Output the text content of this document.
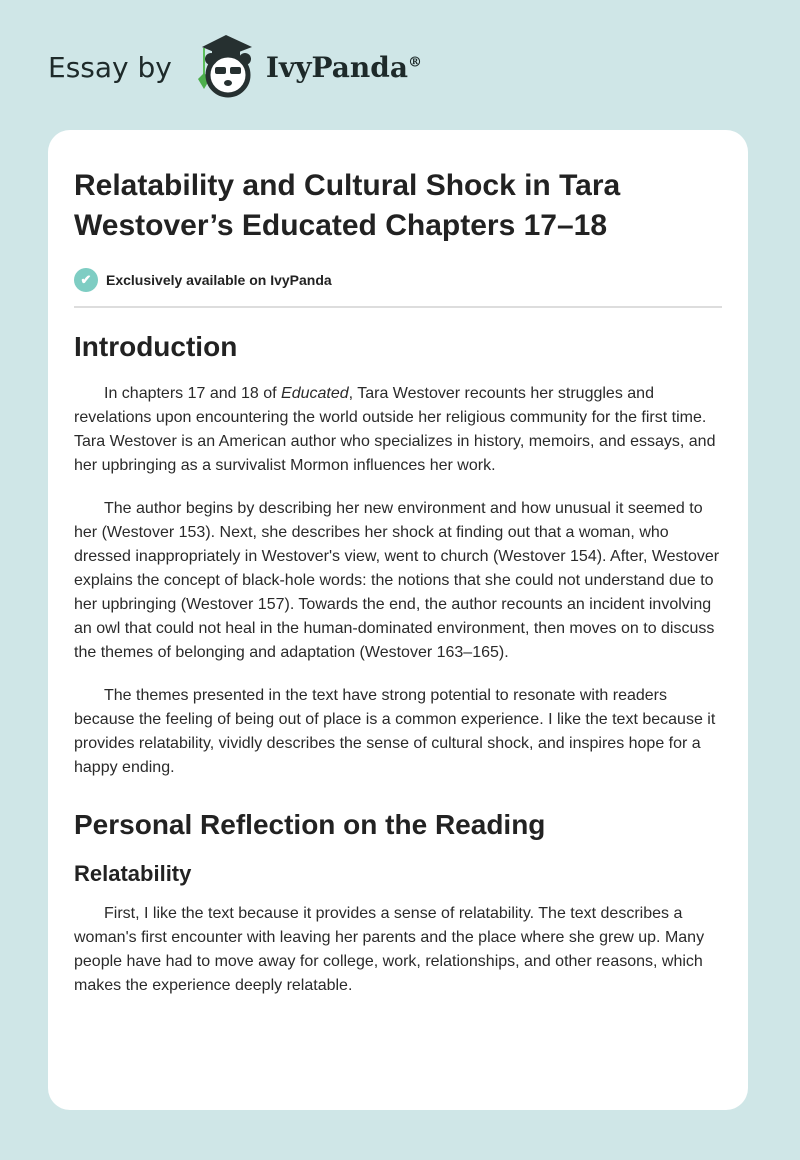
Essay by	IvyPanda®
Relatability and Cultural Shock in Tara Westover’s Educated Chapters 17–18
✔	Exclusively available on IvyPanda
Introduction

In chapters 17 and 18 of Educated, Tara Westover recounts her struggles and revelations upon encountering the world outside her religious community for the first time. Tara Westover is an American author who specializes in history, memoirs, and essays, and her upbringing as a survivalist Mormon influences her work.

The author begins by describing her new environment and how unusual it seemed to her (Westover 153). Next, she describes her shock at finding out that a woman, who dressed inappropriately in Westover's view, went to church (Westover 154). After, Westover explains the concept of black-hole words: the notions that she could not understand due to her upbringing (Westover 157). Towards the end, the author recounts an incident involving an owl that could not heal in the human-dominated environment, then moves on to discuss the themes of belonging and adaptation (Westover 163–165).

The themes presented in the text have strong potential to resonate with readers because the feeling of being out of place is a common experience. I like the text because it provides relatability, vividly describes the sense of cultural shock, and inspires hope for a happy ending.

Personal Reflection on the Reading
Relatability

First, I like the text because it provides a sense of relatability. The text describes a woman's first encounter with leaving her parents and the place where she grew up. Many people have had to move away for college, work, relationships, and other reasons, which makes the experience deeply relatable.
